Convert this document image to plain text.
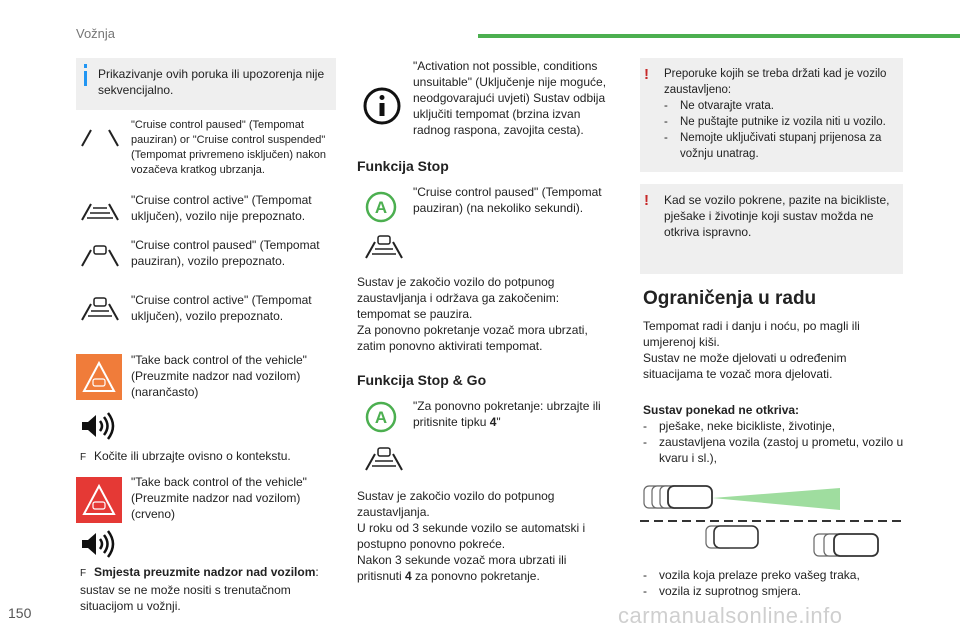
Vožnja

Prikazivanje ovih poruka ili upozorenja nije sekvencijalno.

"Cruise control paused" (Tempomat pauziran) or "Cruise control suspended" (Tempomat privremeno isključen) nakon vozačeva kratkog ubrzanja.

"Cruise control active" (Tempomat uključen), vozilo nije prepoznato.

"Cruise control paused" (Tempomat pauziran), vozilo prepoznato.

"Cruise control active" (Tempomat uključen), vozilo prepoznato.

"Take back control of the vehicle" (Preuzmite nadzor nad vozilom) (narančasto)

F Kočite ili ubrzajte ovisno o kontekstu.

"Take back control of the vehicle" (Preuzmite nadzor nad vozilom) (crveno)

F Smjesta preuzmite nadzor nad vozilom: sustav se ne može nositi s trenutačnom situacijom u vožnji.

"Activation not possible, conditions unsuitable" (Uključenje nije moguće, neodgovarajući uvjeti) Sustav odbija uključiti tempomat (brzina izvan radnog raspona, zavojita cesta).

Funkcija Stop
A

"Cruise control paused" (Tempomat pauziran) (na nekoliko sekundi).

Sustav je zakočio vozilo do potpunog zaustavljanja i održava ga zakočenim: tempomat se pauzira.
Za ponovno pokretanje vozač mora ubrzati, zatim ponovno aktivirati tempomat.

Funkcija Stop & Go
A

"Za ponovno pokretanje: ubrzajte ili pritisnite tipku 4"

Sustav je zakočio vozilo do potpunog zaustavljanja.
U roku od 3 sekunde vozilo se automatski i postupno ponovno pokreće.
Nakon 3 sekunde vozač mora ubrzati ili pritisnuti 4 za ponovno pokretanje.

! Preporuke kojih se treba držati kad je vozilo zaustavljeno:
- Ne otvarajte vrata.
- Ne puštajte putnike iz vozila niti u vozilo.
- Nemojte uključivati stupanj prijenosa za vožnju unatrag.
! Kad se vozilo pokrene, pazite na bicikliste, pješake i životinje koji sustav možda ne otkriva ispravno.

Ograničenja u radu

Tempomat radi i danju i noću, po magli ili umjerenoj kiši.
Sustav ne može djelovati u određenim situacijama te vozač mora djelovati.

Sustav ponekad ne otkriva:
- pješake, neke bicikliste, životinje,
- zaustavljena vozila (zastoj u prometu, vozilo u kvaru i sl.),
- vozila koja prelaze preko vašeg traka,
- vozila iz suprotnog smjera.
150	carmanualsonline.info
